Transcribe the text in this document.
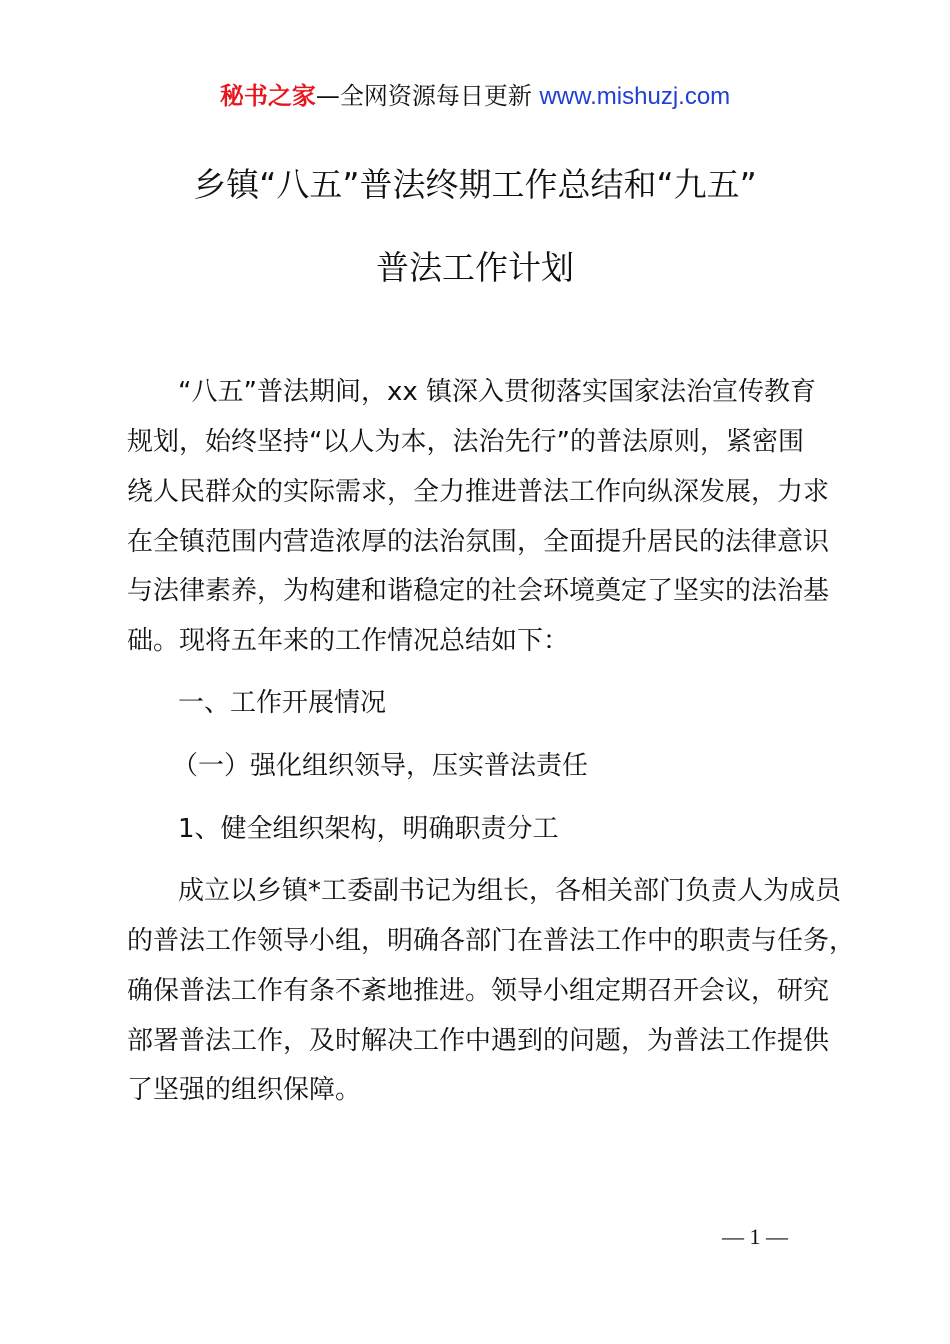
秘书之家—全网资源每日更新 www.mishuzj.com
乡镇“八五”普法终期工作总结和“九五”
普法工作计划
“八五”普法期间，xx 镇深入贯彻落实国家法治宣传教育
规划，始终坚持“以人为本，法治先行”的普法原则，紧密围
绕人民群众的实际需求，全力推进普法工作向纵深发展，力求
在全镇范围内营造浓厚的法治氛围，全面提升居民的法律意识
与法律素养，为构建和谐稳定的社会环境奠定了坚实的法治基
础。现将五年来的工作情况总结如下：
一、工作开展情况
（一）强化组织领导，压实普法责任
1、健全组织架构，明确职责分工
成立以乡镇*工委副书记为组长，各相关部门负责人为成员
的普法工作领导小组，明确各部门在普法工作中的职责与任务，
确保普法工作有条不紊地推进。领导小组定期召开会议，研究
部署普法工作，及时解决工作中遇到的问题，为普法工作提供
了坚强的组织保障。
— 1 —
